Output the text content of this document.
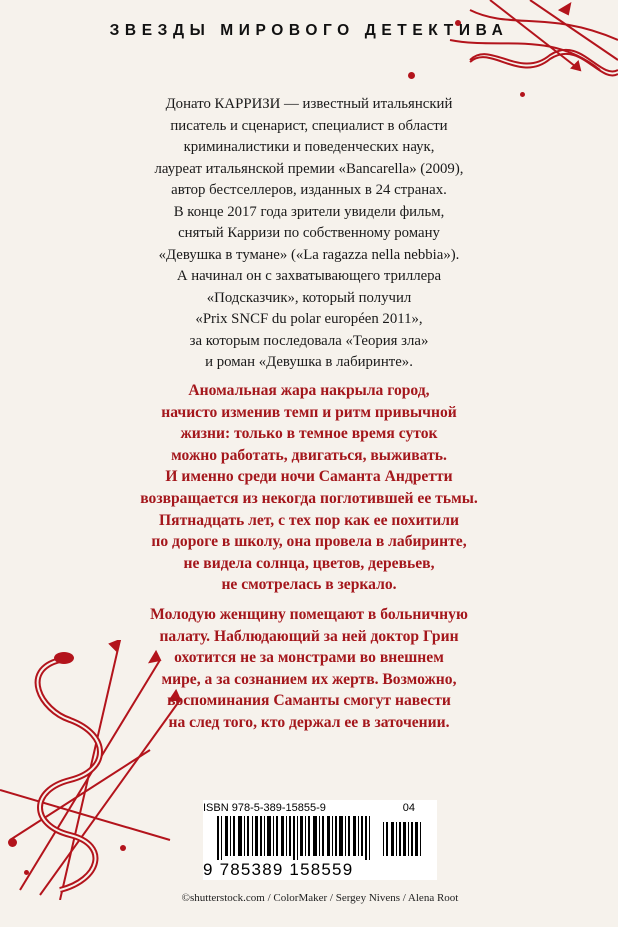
ЗВЕЗДЫ МИРОВОГО ДЕТЕКТИВА
Донато КАРРИЗИ — известный итальянский
писатель и сценарист, специалист в области
криминалистики и поведенческих наук,
лауреат итальянской премии «Bancarella» (2009),
автор бестселлеров, изданных в 24 странах.
В конце 2017 года зрители увидели фильм,
снятый Карризи по собственному роману
«Девушка в тумане» («La ragazza nella nebbia»).
А начинал он с захватывающего триллера
«Подсказчик», который получил
«Prix SNCF du polar européen 2011»,
за которым последовала «Теория зла»
и роман «Девушка в лабиринте».
Аномальная жара накрыла город,
начисто изменив темп и ритм привычной
жизни: только в темное время суток
можно работать, двигаться, выживать.
И именно среди ночи Саманта Андретти
возвращается из некогда поглотившей ее тьмы.
Пятнадцать лет, с тех пор как ее похитили
по дороге в школу, она провела в лабиринте,
не видела солнца, цветов, деревьев,
не смотрелась в зеркало.
Молодую женщину помещают в больничную
палату. Наблюдающий за ней доктор Грин
охотится не за монстрами во внешнем
мире, а за сознанием их жертв. Возможно,
воспоминания Саманты смогут навести
на след того, кто держал ее в заточении.
ISBN 978-5-389-15855-9	04
9 785389 158559
©shutterstock.com / ColorMaker / Sergey Nivens / Alena Root
